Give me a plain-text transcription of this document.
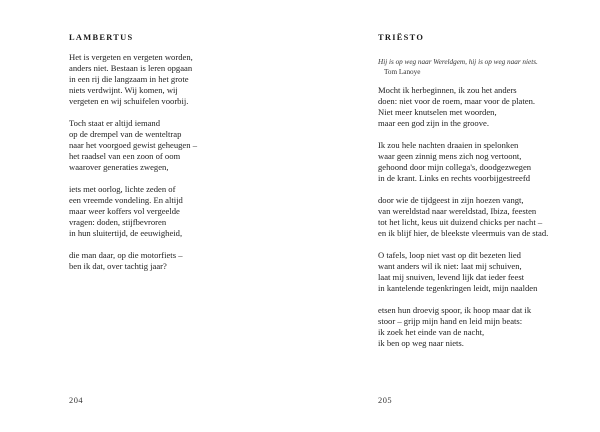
LAMBERTUS
Het is vergeten en vergeten worden,
anders niet. Bestaan is leren opgaan
in een rij die langzaam in het grote
niets verdwijnt. Wij komen, wij
vergeten en wij schuifelen voorbij.
Toch staat er altijd iemand
op de drempel van de wenteltrap
naar het voorgoed gewist geheugen –
het raadsel van een zoon of oom
waarover generaties zwegen,
iets met oorlog, lichte zeden of
een vreemde vondeling. En altijd
maar weer koffers vol vergeelde
vragen: doden, stijfbevroren
in hun sluitertijd, de eeuwigheid,
die man daar, op die motorfiets –
ben ik dat, over tachtig jaar?
204
TRIËSTO
Hij is op weg naar Wereldgem, hij is op weg naar niets.
Tom Lanoye
Mocht ik herbeginnen, ik zou het anders
doen: niet voor de roem, maar voor de platen.
Niet meer knutselen met woorden,
maar een god zijn in the groove.
Ik zou hele nachten draaien in spelonken
waar geen zinnig mens zich nog vertoont,
gehoond door mijn collega's, doodgezwegen
in de krant. Links en rechts voorbijgestreefd
door wie de tijdgeest in zijn hoezen vangt,
van wereldstad naar wereldstad, Ibiza, feesten
tot het licht, keus uit duizend chicks per nacht –
en ik blijf hier, de bleekste vleermuis van de stad.
O tafels, loop niet vast op dit bezeten lied
want anders wil ik niet: laat mij schuiven,
laat mij snuiven, levend lijk dat ieder feest
in kantelende tegenkringen leidt, mijn naalden
etsen hun droevig spoor, ik hoop maar dat ik
stoor – grijp mijn hand en leid mijn beats:
ik zoek het einde van de nacht,
ik ben op weg naar niets.
205
